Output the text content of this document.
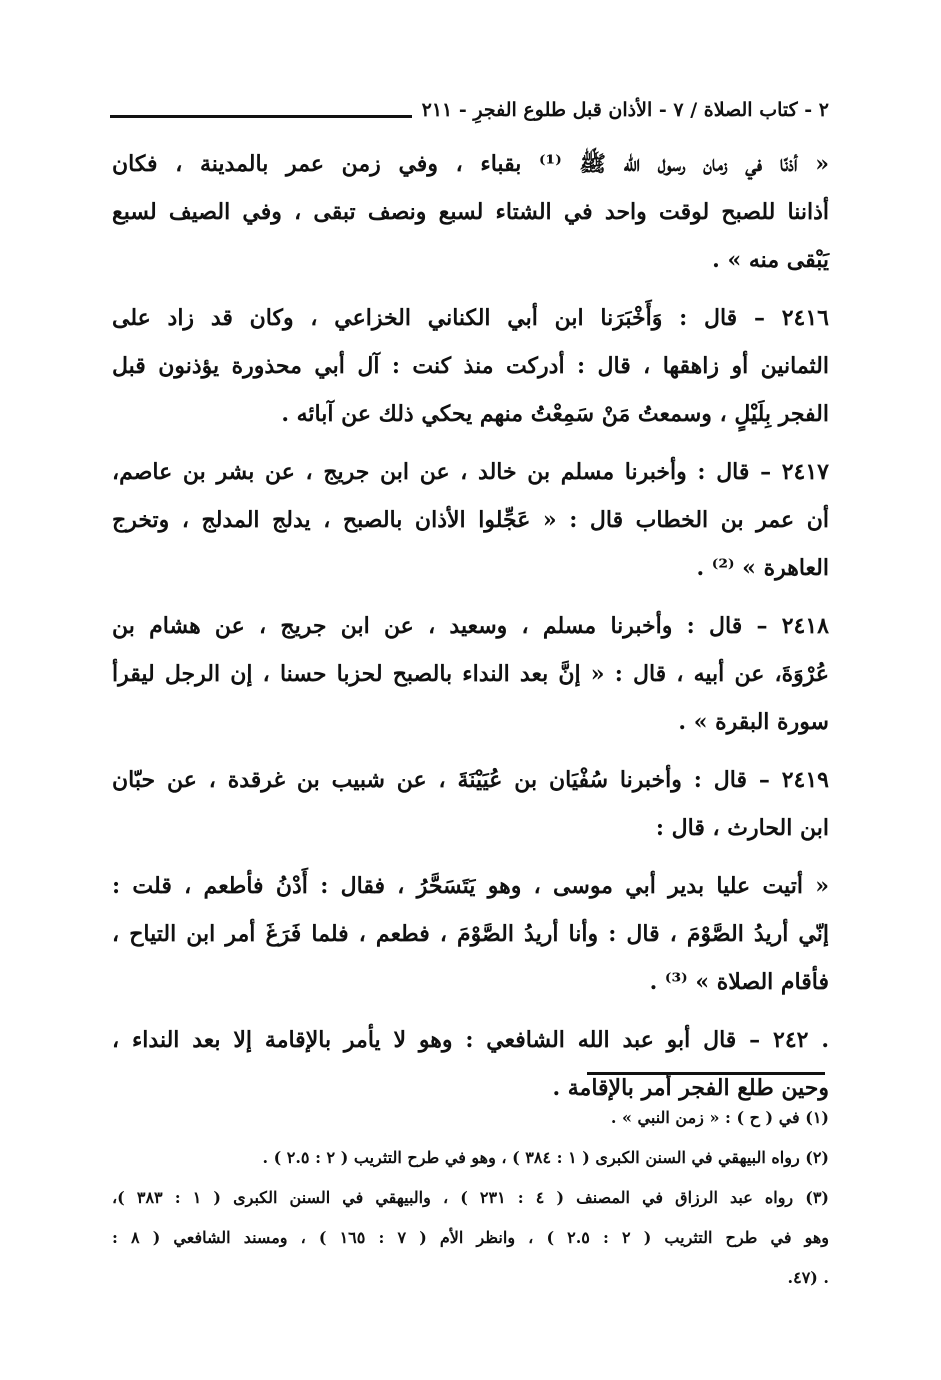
٢ - كتاب الصلاة / ٧ - الأذان قبل طلوع الفجرِ - ٢١١

« أذنّا في زمان رسول الله ﷺ ⁽¹⁾ بقباء ، وفي زمن عمر بالمدينة ، فكان
أذاننا للصبح لوقت واحد في الشتاء لسبع ونصف تبقى ، وفي الصيف لسبع
يَبْقى منه » .

٢٤١٦ – قال : وَأَخْبَرَنا ابن أبي الكناني الخزاعي ، وكان قد زاد على
الثمانين أو زاهقها ، قال : أدركت منذ كنت : آل أبي محذورة يؤذنون قبل
الفجر بِلَيْلٍ ، وسمعتُ مَنْ سَمِعْتُ منهم يحكي ذلك عن آبائه .

٢٤١٧ – قال : وأخبرنا مسلم بن خالد ، عن ابن جريج ، عن بشر بن عاصم،
أن عمر بن الخطاب قال : « عَجِّلوا الأذان بالصبح ، يدلج المدلج ، وتخرج
العاهرة » ⁽²⁾ .

٢٤١٨ – قال : وأخبرنا مسلم ، وسعيد ، عن ابن جريج ، عن هشام بن
عُرْوَةَ، عن أبيه ، قال : « إنَّ بعد النداء بالصبح لحزبا حسنا ، إن الرجل ليقرأ
سورة البقرة » .

٢٤١٩ – قال : وأخبرنا سُفْيَان بن عُيَيْنَةَ ، عن شبيب بن غرقدة ، عن حبّان
ابن الحارث ، قال :

« أتيت عليا بدير أبي موسى ، وهو يَتَسَحَّرُ ، فقال : أَدْنُ فأطعم ، قلت :
إنّي أريدُ الصَّوْمَ ، قال : وأنا أريدُ الصَّوْمَ ، فطعم ، فلما فَرَغَ أمر ابن التياح ،
فأقام الصلاة » ⁽³⁾ .

. ٢٤٢ – قال أبو عبد الله الشافعي : وهو لا يأمر بالإقامة إلا بعد النداء ،
وحين طلع الفجر أمر بالإقامة .

(١) في ( ح ) : « زمن النبي » .

(٢) رواه البيهقي في السنن الكبرى ( ١ : ٣٨٤ ) ، وهو في طرح التثريب ( ٢ : ٢.٥ ) .

(٣) رواه عبد الرزاق في المصنف ( ٤ : ٢٣١ ) ، والبيهقي في السنن الكبرى ( ١ : ٣٨٣ )،
وهو في طرح التثريب ( ٢ : ٢.٥ ) ، وانظر الأم ( ٧ : ١٦٥ ) ، ومسند الشافعي ( ٨ :
. (٤٧.
